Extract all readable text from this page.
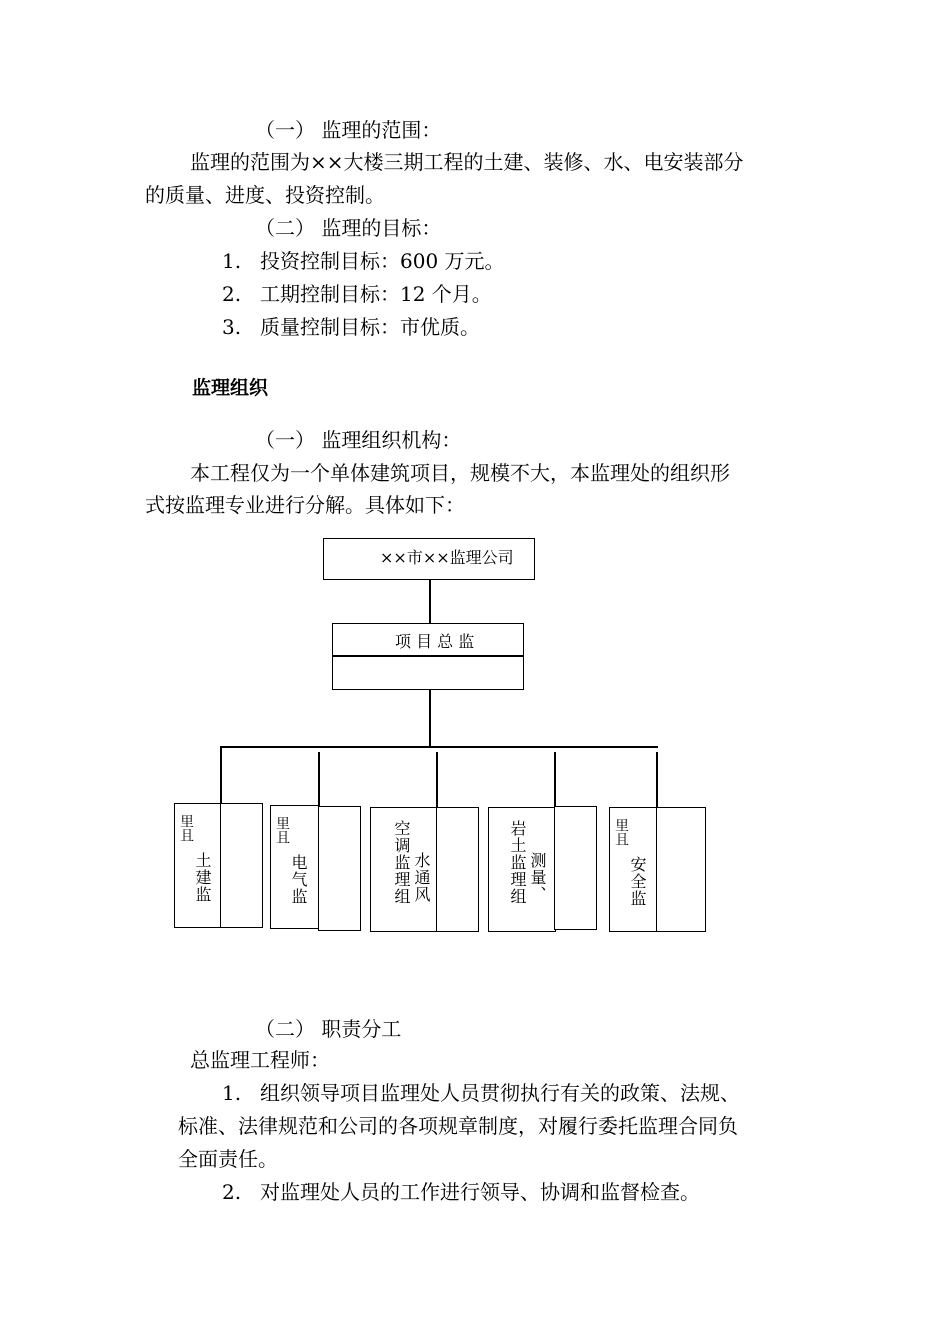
（一） 监理的范围：
监理的范围为××大楼三期工程的土建、装修、水、电安装部分
的质量、进度、投资控制。
（二） 监理的目标：
1. 投资控制目标：600 万元。
2. 工期控制目标：12 个月。
3. 质量控制目标：市优质。
监理组织
（一） 监理组织机构：
本工程仅为一个单体建筑项目，规模不大，本监理处的组织形
式按监理专业进行分解。具体如下：
××市××监理公司
项 目 总 监
里且
土建监
里且
电气监	空调监理组 水通风	岩土监理组 测量、
里且
安全监
（二） 职责分工
总监理工程师：
1. 组织领导项目监理处人员贯彻执行有关的政策、法规、
标准、法律规范和公司的各项规章制度，对履行委托监理合同负
全面责任。
2. 对监理处人员的工作进行领导、协调和监督检查。
